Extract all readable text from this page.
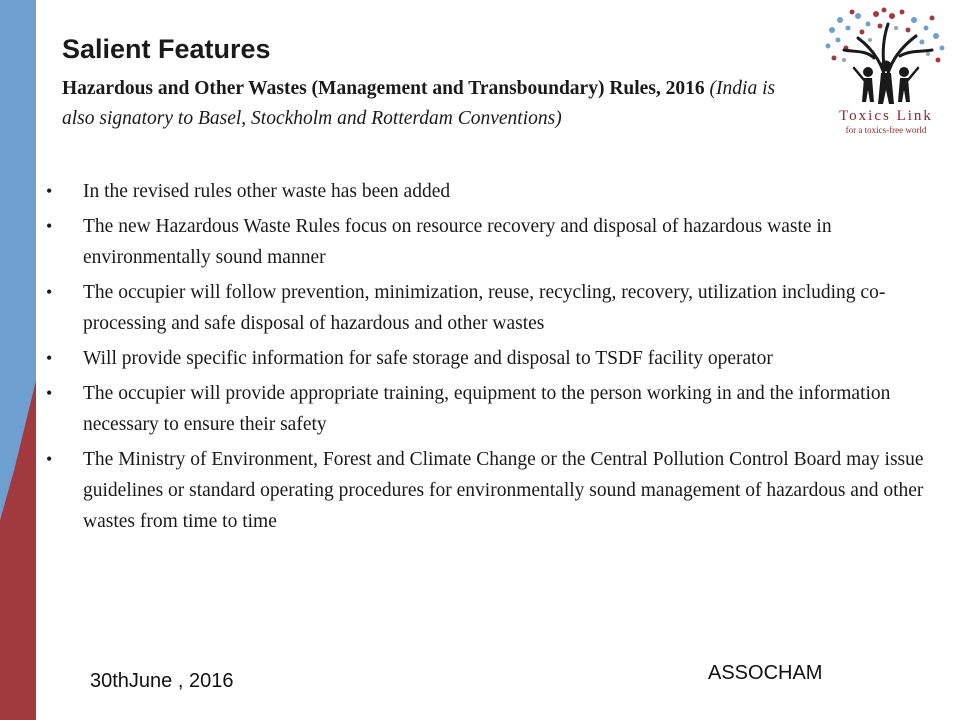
Salient Features
Hazardous and Other Wastes (Management and Transboundary) Rules, 2016 (India is also signatory to Basel, Stockholm and Rotterdam Conventions)	Toxics Link
for a toxics-free world
• In the revised rules other waste has been added
• The new Hazardous Waste Rules focus on resource recovery and disposal of hazardous waste in environmentally sound manner
• The occupier will follow prevention, minimization, reuse, recycling, recovery, utilization including co-processing and safe disposal of hazardous and other wastes
• Will provide specific information for safe storage and disposal to TSDF facility operator
• The occupier will provide appropriate training, equipment to the person working in and the information necessary to ensure their safety
• The Ministry of Environment, Forest and Climate Change or the Central Pollution Control Board may issue guidelines or standard operating procedures for environmentally sound management of hazardous and other wastes from time to time
30thJune , 2016	ASSOCHAM
